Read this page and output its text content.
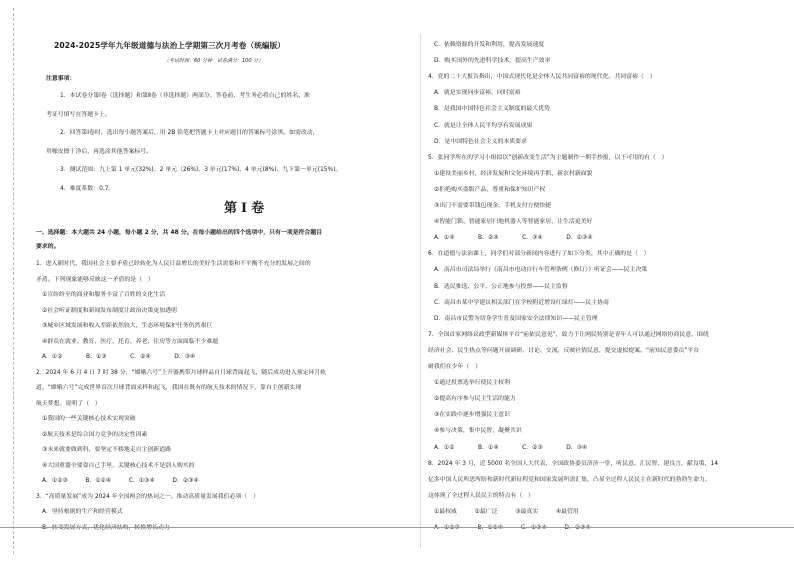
2024-2025学年九年级道德与法治上学期第三次月考卷（统编版）
（考试时间：60 分钟　试卷满分：100 分）
注意事项：
1．本试卷分第Ⅰ卷（选择题）和第Ⅱ卷（非选择题）两部分。答卷前，考生务必将自己的姓名、准
考证号填写在答题卡上。
2．回答第Ⅰ卷时，选出每小题答案后，用 2B 铅笔把答题卡上对应题目的答案标号涂黑。如需改动，
用橡皮擦干净后，再选涂其他答案标号。
3．测试范围：九上第 1 单元(32%)、2 单元（26%)、3 单元(17%)、4 单元(8%)、九下第一单元(15%)。
4．难度系数：0.7。
第Ⅰ卷
一、选择题：本大题共 24 小题，每小题 2 分，共 48 分。在每小题给出的四个选项中，只有一项是符合题目
要求的。
1．进入新时代，我国社会主要矛盾已经转化为人民日益增长的美好生活需要和不平衡不充分的发展之间的
矛盾。下列现象能够反映这一矛盾的是（　）
①宣纷纷至的商业和服务丰富了百姓的文化生活
②社会听证制度和新闻发布制度让政治决策更加透明
③城乡区域发展和收入差距依然较大，生态环境保护任务仍然艰巨
④群众在就业、教育、医疗、托育、养老、住房等方面面临不少难题
A．①②　　　　B．①③　　　　C．②④　　　　D．③④
2．2024 年 6 月 4 日 7 时 38 分，“嫦娥六号”上升器携带月球样品自月球背面起飞，随后成功进入预定环月轨
道。“嫦娥六号”完成世界首次月球背面采样和起飞，我国在既有的航天技术的情况下，靠自主创新实现
航天梦想。说明了（　）
①我国的一些关键核心技术实现突破
②航天技术是综合国力竞争的决定性因素
③未来就要做到科，要坚定不移地走自主创新道路
④大国重器全要靠自己手里，关键核心技术不是别人购买的
A．①②③　　　B．①②④　　　C．①③④　　　D．②③④
3．“高质量发展”成为 2024 年全国两会的热词之一。推动高质量发展我们必须（　）
A．坚持根据的生产和经营模式
B．转变发展方式，优化经济结构，转换增长动力
C．依赖资源的开发和利用，提高发展速度
D．购买国外的先进科学技术，提高生产效率
4．党的二十大报告指出，中国式现代化是全体人民共同富裕的现代化。共同富裕（　）
A．就是实现同步富裕、同时富裕
B．是我国中国特色社会主义制度的最大优势
C．就是让全体人民平均享有发展成果
D．是中国特色社会主义的本质要求
5．张同学所在的学习小组拟以“创新改变生活”为主题制作一期手抄报，以下可用的有（　）
①建设美丽乡村，经济发展和文化环境再手抓，新农村新面貌
②拒绝购买盗版产品，尊重和保护知识产权
③出门不需要带钱包现金，手机支付方便快捷
④智能门锁、智能家居扫地机器人等智能家居，让生活更美好
A．①④　　　　B．②④　　　　C．③④　　　　D．②③④
6．在道德与法治课上，同学们对部分新闻内容进行了如下分类。其中正确的是（　）
A．南昌市司法局举行《南昌市电动自行车管理条例（修订）》听证会——民主决策
B．选民推选、公平、公正地参与投票——民主监督
C．南昌市某中学建议相关部门在学校附近增设红绿灯——民主协商
D．南昌市民警为切身学生普及国家安全法律知识——民主管理
7．全国首家网络议政型新媒体平台“前依民意见”，致力于让网民特别是青年人可以通过网络协商民意，围绕
经济社会、民生热点等问题开展调研、讨论、交流，反映社情民意，提交虚拟提案。“前知民意委员”平台
耐我们在少年（　）
①通过投票选举行使民主权利
②提高有序参与民主生活的能力
③在实践中逐步增强民主意识
④参与决策，集中民智，凝聚共识
A．①②　　　　B．①④　　　　C．②③　　　　D．③④
8．2024 年 3 月，近 5000 名全国人大代表、全国政协委员济济一堂，听民意、汇民智、建良言，献良策，14
亿多中国人民所思所盼和新时代新征程党和国家发展所需汇集，凸显全过程人民民主在新时代的勃勃生命力。
这体现了全过程人民民主的特点有（　）
①最权威　　　②最广泛　　　③最真实　　　④最管用
A．①②③　　　B．①②④　　　C．①③④　　　D．②③④
